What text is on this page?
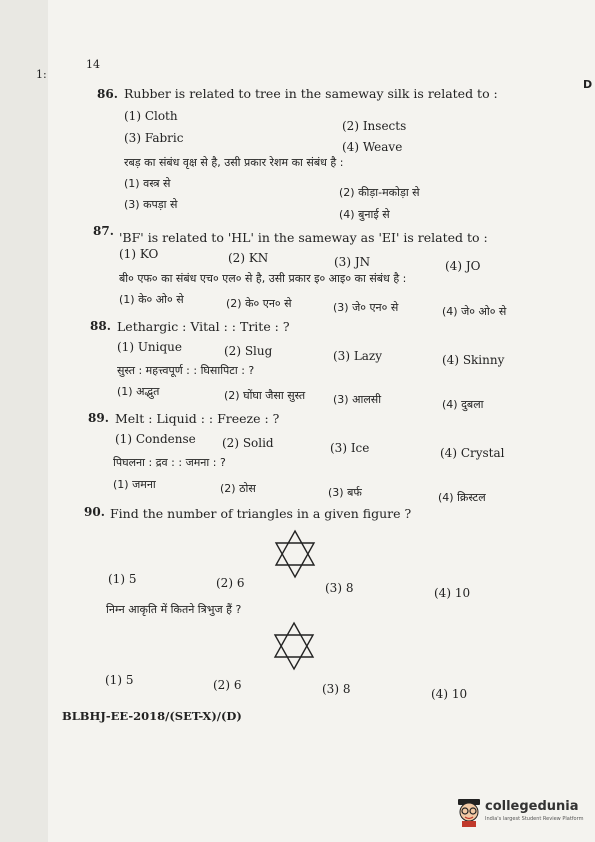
1:
D
14
86. Rubber is related to tree in the sameway silk is related to :
(1) Cloth
(2) Insects
(3) Fabric
(4) Weave
रबड़ का संबंध वृक्ष से है, उसी प्रकार रेशम का संबंध है :
(1) वस्त्र से
(2) कीड़ा-मकोड़ा से
(3) कपड़ा से
(4) बुनाई से
87. 'BF' is related to 'HL' in the sameway as 'EI' is related to :
(1) KO	(2) KN	(3) JN	(4) JO
बी० एफ० का संबंध एच० एल० से है, उसी प्रकार इ० आइ० का संबंध है :
(1) के० ओ० से	(2) के० एन० से	(3) जे० एन० से	(4) जे० ओ० से
88. Lethargic : Vital : : Trite : ?
(1) Unique	(2) Slug	(3) Lazy	(4) Skinny
सुस्त : महत्त्वपूर्ण : : घिसापिटा : ?
(1) अद्भुत	(2) घोंघा जैसा सुस्त	(3) आलसी	(4) दुबला
89. Melt : Liquid : : Freeze : ?
(1) Condense (2) Solid	(3) Ice	(4) Crystal
पिघलना : द्रव : : जमना : ?
(1) जमना	(2) ठोस	(3) बर्फ	(4) क्रिस्टल
90. Find the number of triangles in a given figure ?
(1) 5	(2) 6	(3) 8	(4) 10
निम्न आकृति में कितने त्रिभुज हैं ?
(1) 5	(2) 6	(3) 8	(4) 10
BLBHJ-EE-2018/(SET-X)/(D)
collegedunia
India's largest Student Review Platform
